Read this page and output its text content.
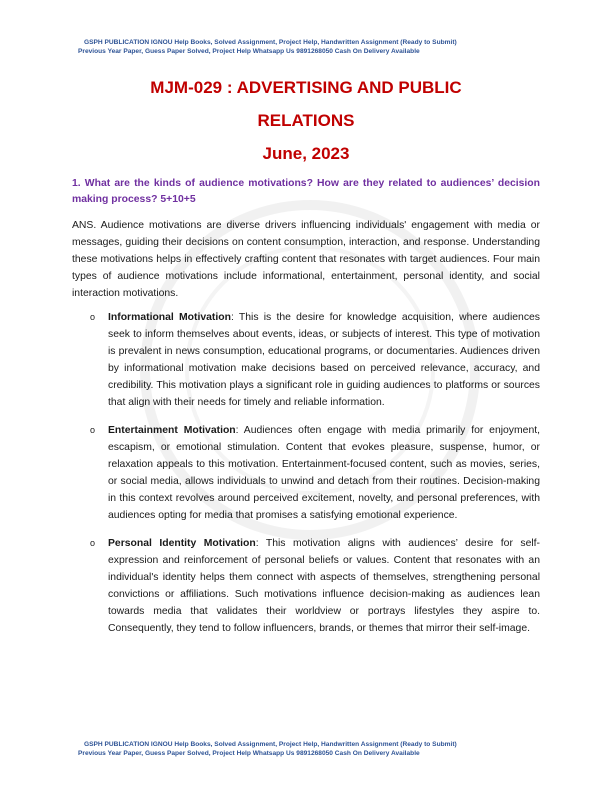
GSPH PUBLICATION IGNOU Help Books, Solved Assignment, Project Help, Handwritten Assignment (Ready to Submit)
Previous Year Paper, Guess Paper Solved, Project Help Whatsapp Us 9891268050 Cash On Delivery Available
MJM-029 : ADVERTISING AND PUBLIC
RELATIONS
June, 2023
1. What are the kinds of audience motivations? How are they related to audiences’ decision making process? 5+10+5

ANS. Audience motivations are diverse drivers influencing individuals' engagement with media or messages, guiding their decisions on content consumption, interaction, and response. Understanding these motivations helps in effectively crafting content that resonates with target audiences. Four main types of audience motivations include informational, entertainment, personal identity, and social interaction motivations.

o Informational Motivation: This is the desire for knowledge acquisition, where audiences seek to inform themselves about events, ideas, or subjects of interest. This type of motivation is prevalent in news consumption, educational programs, or documentaries. Audiences driven by informational motivation make decisions based on perceived relevance, accuracy, and credibility. This motivation plays a significant role in guiding audiences to platforms or sources that align with their needs for timely and reliable information.
o Entertainment Motivation: Audiences often engage with media primarily for enjoyment, escapism, or emotional stimulation. Content that evokes pleasure, suspense, humor, or relaxation appeals to this motivation. Entertainment-focused content, such as movies, series, or social media, allows individuals to unwind and detach from their routines. Decision-making in this context revolves around perceived excitement, novelty, and personal preferences, with audiences opting for media that promises a satisfying emotional experience.
o Personal Identity Motivation: This motivation aligns with audiences’ desire for self-expression and reinforcement of personal beliefs or values. Content that resonates with an individual's identity helps them connect with aspects of themselves, strengthening personal convictions or affiliations. Such motivations influence decision-making as audiences lean towards media that validates their worldview or portrays lifestyles they aspire to. Consequently, they tend to follow influencers, brands, or themes that mirror their self-image.
GSPH PUBLICATION IGNOU Help Books, Solved Assignment, Project Help, Handwritten Assignment (Ready to Submit)
Previous Year Paper, Guess Paper Solved, Project Help Whatsapp Us 9891268050 Cash On Delivery Available
